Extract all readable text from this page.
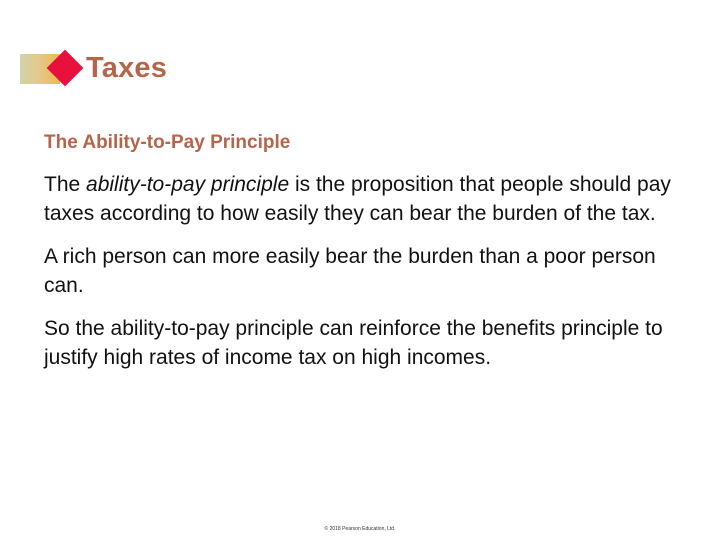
Taxes
The Ability-to-Pay Principle

The ability-to-pay principle is the proposition that people should pay taxes according to how easily they can bear the burden of the tax.

A rich person can more easily bear the burden than a poor person can.

So the ability-to-pay principle can reinforce the benefits principle to justify high rates of income tax on high incomes.

© 2018 Pearson Education, Ltd.
